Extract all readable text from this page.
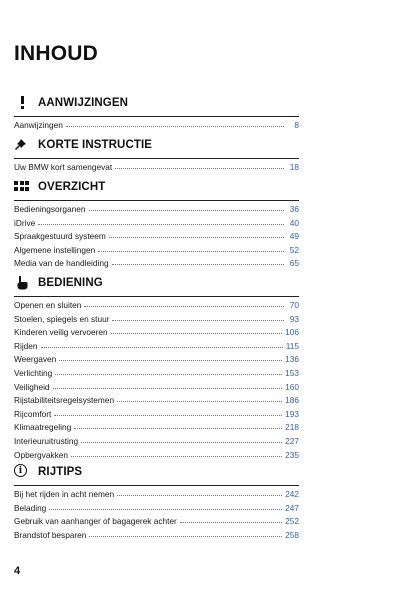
INHOUD
AANWIJZINGEN
Aanwijzingen	8
KORTE INSTRUCTIE
Uw BMW kort samengevat	18
OVERZICHT
Bedieningsorganen	36
iDrive	40
Spraakgestuurd systeem	49
Algemene instellingen	52
Media van de handleiding	65
BEDIENING
Openen en sluiten	70
Stoelen, spiegels en stuur	93
Kinderen veilig vervoeren	106
Rijden	115
Weergaven	136
Verlichting	153
Veiligheid	160
Rijstabiliteitsregelsystemen	186
Rijcomfort	193
Klimaatregeling	218
Interieuruitrusting	227
Opbergvakken	235
i	RIJTIPS
Bij het rijden in acht nemen	242
Belading	247
Gebruik van aanhanger of bagagerek achter	252
Brandstof besparen	258
4
